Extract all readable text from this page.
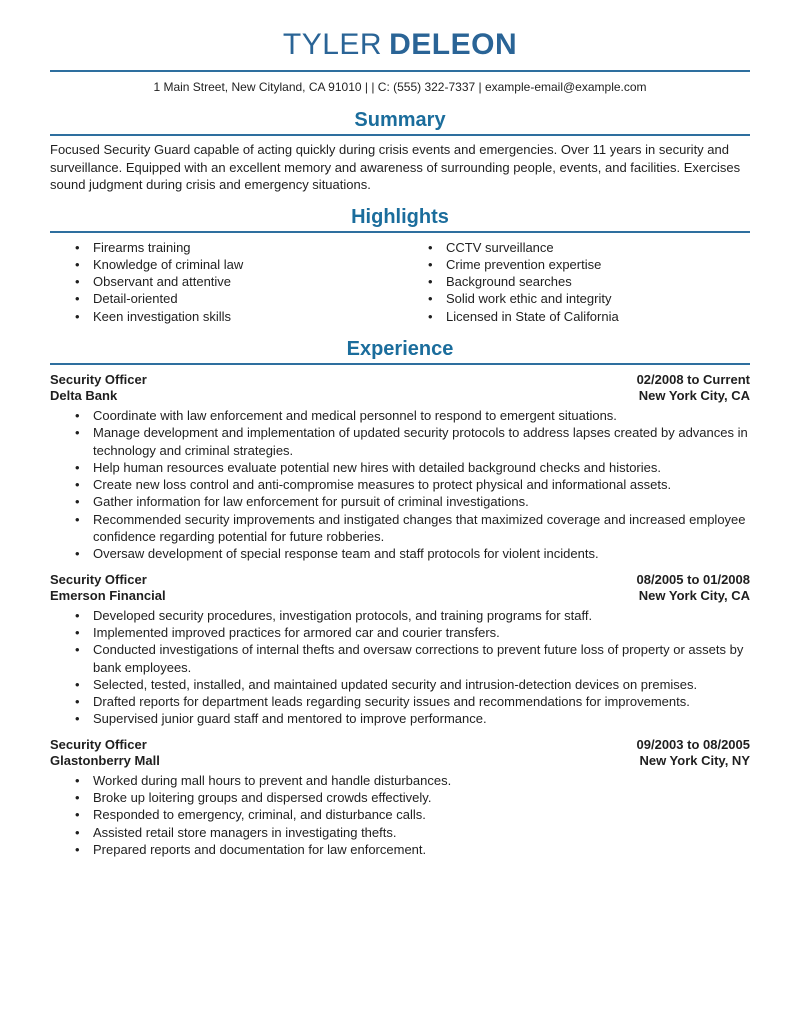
TYLER DELEON
1 Main Street, New Cityland, CA 91010 | | C: (555) 322-7337 | example-email@example.com
Summary
Focused Security Guard capable of acting quickly during crisis events and emergencies. Over 11 years in security and surveillance. Equipped with an excellent memory and awareness of surrounding people, events, and facilities. Exercises sound judgment during crisis and emergency situations.
Highlights
•	Firearms training
•	Knowledge of criminal law
•	Observant and attentive
•	Detail-oriented
•	Keen investigation skills
•	CCTV surveillance
•	Crime prevention expertise
•	Background searches
•	Solid work ethic and integrity
•	Licensed in State of California
Experience
Security Officer	02/2008 to Current
Delta Bank	New York City, CA
•	Coordinate with law enforcement and medical personnel to respond to emergent situations.
•	Manage development and implementation of updated security protocols to address lapses created by advances in technology and criminal strategies.
•	Help human resources evaluate potential new hires with detailed background checks and histories.
•	Create new loss control and anti-compromise measures to protect physical and informational assets.
•	Gather information for law enforcement for pursuit of criminal investigations.
•	Recommended security improvements and instigated changes that maximized coverage and increased employee confidence regarding potential for future robberies.
•	Oversaw development of special response team and staff protocols for violent incidents.
Security Officer	08/2005 to 01/2008
Emerson Financial	New York City, CA
•	Developed security procedures, investigation protocols, and training programs for staff.
•	Implemented improved practices for armored car and courier transfers.
•	Conducted investigations of internal thefts and oversaw corrections to prevent future loss of property or assets by bank employees.
•	Selected, tested, installed, and maintained updated security and intrusion-detection devices on premises.
•	Drafted reports for department leads regarding security issues and recommendations for improvements.
•	Supervised junior guard staff and mentored to improve performance.
Security Officer	09/2003 to 08/2005
Glastonberry Mall	New York City, NY
•	Worked during mall hours to prevent and handle disturbances.
•	Broke up loitering groups and dispersed crowds effectively.
•	Responded to emergency, criminal, and disturbance calls.
•	Assisted retail store managers in investigating thefts.
•	Prepared reports and documentation for law enforcement.
